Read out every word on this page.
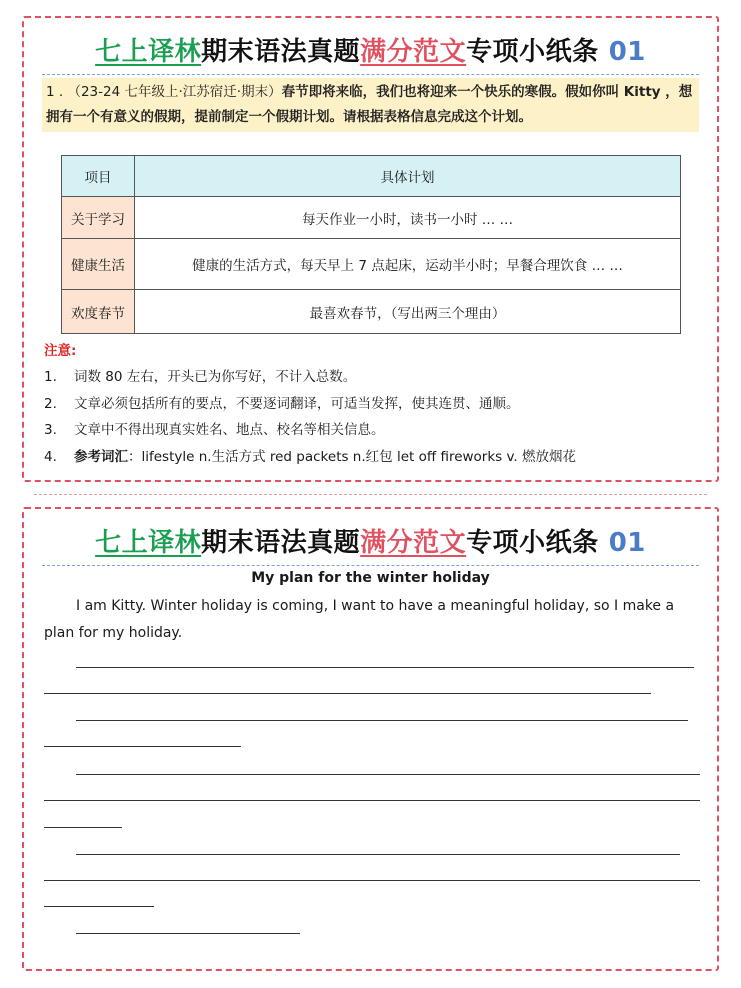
七上译林期末语法真题满分范文专项小纸条 01
1 . （23-24 七年级上·江苏宿迁·期末）春节即将来临，我们也将迎来一个快乐的寒假。假如你叫 Kitty ，想拥有一个有意义的假期，提前制定一个假期计划。请根据表格信息完成这个计划。
项目	具体计划
关于学习	每天作业一小时，读书一小时 … …
健康生活	健康的生活方式，每天早上 7 点起床，运动半小时；早餐合理饮食 … …
欢度春节	最喜欢春节，（写出两三个理由）
注意:
1. 词数 80 左右，开头已为你写好，不计入总数。
2. 文章必须包括所有的要点，不要逐词翻译，可适当发挥，使其连贯、通顺。
3. 文章中不得出现真实姓名、地点、校名等相关信息。
4. 参考词汇：lifestyle n.生活方式 red packets n.红包 let off fireworks v. 燃放烟花
七上译林期末语法真题满分范文专项小纸条 01
My plan for the winter holiday

I am Kitty. Winter holiday is coming, I want to have a meaningful holiday, so I make a plan for my holiday.
